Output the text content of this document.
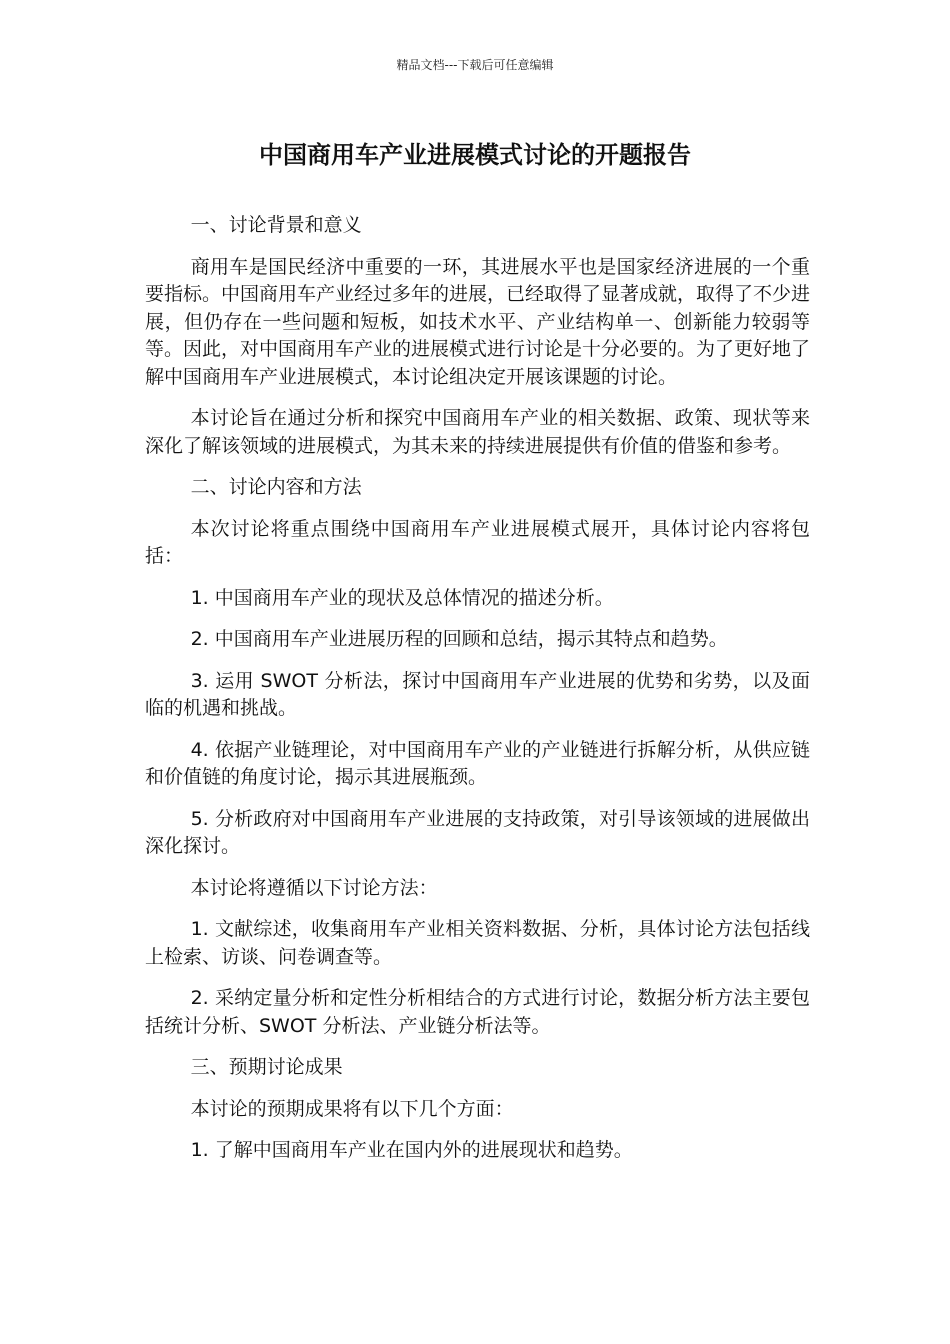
精品文档---下载后可任意编辑
中国商用车产业进展模式讨论的开题报告

一、讨论背景和意义

商用车是国民经济中重要的一环，其进展水平也是国家经济进展的一个重要指标。中国商用车产业经过多年的进展，已经取得了显著成就，取得了不少进展，但仍存在一些问题和短板，如技术水平、产业结构单一、创新能力较弱等等。因此，对中国商用车产业的进展模式进行讨论是十分必要的。为了更好地了解中国商用车产业进展模式，本讨论组决定开展该课题的讨论。

本讨论旨在通过分析和探究中国商用车产业的相关数据、政策、现状等来深化了解该领域的进展模式，为其未来的持续进展提供有价值的借鉴和参考。

二、讨论内容和方法

本次讨论将重点围绕中国商用车产业进展模式展开，具体讨论内容将包括：

1. 中国商用车产业的现状及总体情况的描述分析。

2. 中国商用车产业进展历程的回顾和总结，揭示其特点和趋势。

3. 运用 SWOT 分析法，探讨中国商用车产业进展的优势和劣势，以及面临的机遇和挑战。

4. 依据产业链理论，对中国商用车产业的产业链进行拆解分析，从供应链和价值链的角度讨论，揭示其进展瓶颈。

5. 分析政府对中国商用车产业进展的支持政策，对引导该领域的进展做出深化探讨。

本讨论将遵循以下讨论方法：

1. 文献综述，收集商用车产业相关资料数据、分析，具体讨论方法包括线上检索、访谈、问卷调查等。

2. 采纳定量分析和定性分析相结合的方式进行讨论，数据分析方法主要包括统计分析、SWOT 分析法、产业链分析法等。

三、预期讨论成果

本讨论的预期成果将有以下几个方面：

1. 了解中国商用车产业在国内外的进展现状和趋势。
